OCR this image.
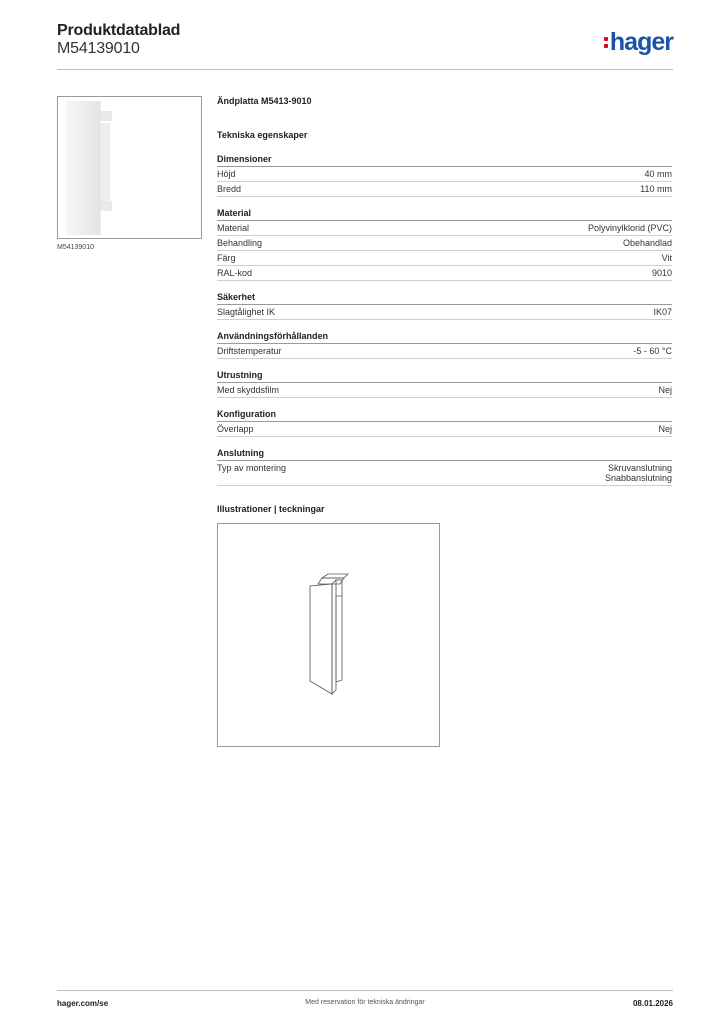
Produktdatablad
M54139010	hager
M54139010
Ändplatta M5413-9010
Tekniska egenskaper
Dimensioner
Höjd	40 mm
Bredd	110 mm
Material
Material	Polyvinylklorid (PVC)
Behandling	Obehandlad
Färg	Vit
RAL-kod	9010
Säkerhet
Slagtålighet IK	IK07
Användningsförhållanden
Driftstemperatur	-5 - 60 °C
Utrustning
Med skyddsfilm	Nej
Konfiguration
Överlapp	Nej
Anslutning
Typ av montering	Skruvanslutning
Snabbanslutning
Illustrationer | teckningar
hager.com/se	Med reservation för tekniska ändringar	08.01.2026
